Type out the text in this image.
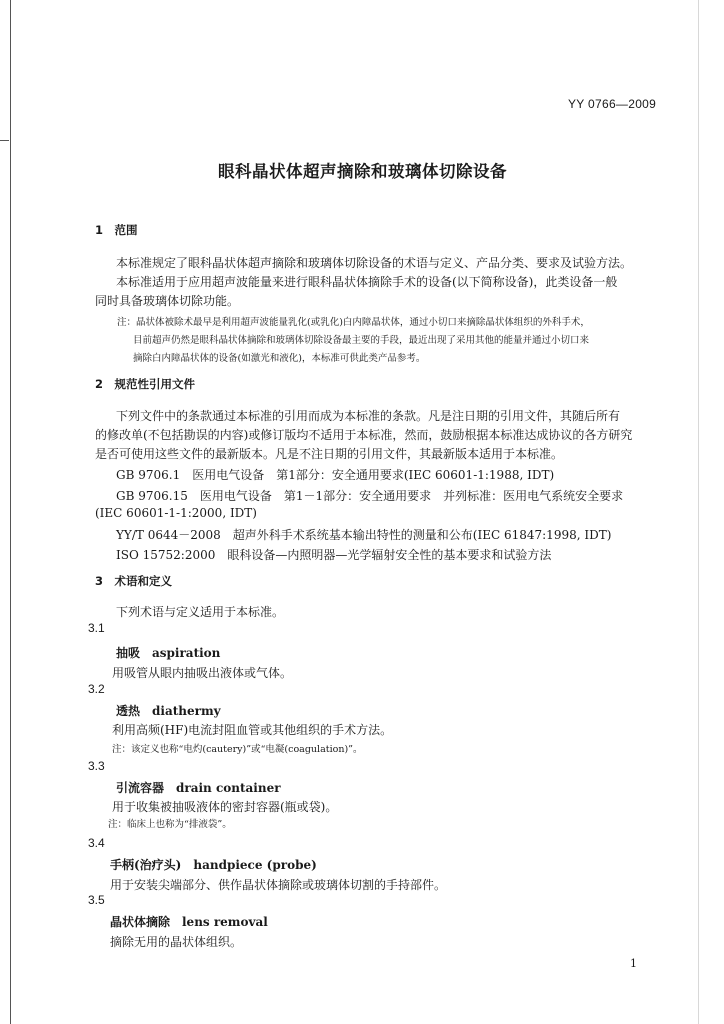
YY 0766—2009
眼科晶状体超声摘除和玻璃体切除设备
1　范围
本标准规定了眼科晶状体超声摘除和玻璃体切除设备的术语与定义、产品分类、要求及试验方法。
本标准适用于应用超声波能量来进行眼科晶状体摘除手术的设备(以下简称设备)，此类设备一般
同时具备玻璃体切除功能。
注：晶状体被除术最早是利用超声波能量乳化(或乳化)白内障晶状体，通过小切口来摘除晶状体组织的外科手术，
目前超声仍然是眼科晶状体摘除和玻璃体切除设备最主要的手段，最近出现了采用其他的能量并通过小切口来
摘除白内障晶状体的设备(如激光和液化)，本标准可供此类产品参考。
2　规范性引用文件
下列文件中的条款通过本标准的引用而成为本标准的条款。凡是注日期的引用文件，其随后所有
的修改单(不包括勘误的内容)或修订版均不适用于本标准，然而，鼓励根据本标准达成协议的各方研究
是否可使用这些文件的最新版本。凡是不注日期的引用文件，其最新版本适用于本标准。
GB 9706.1　医用电气设备　第1部分：安全通用要求(IEC 60601-1:1988, IDT)
GB 9706.15　医用电气设备　第1－1部分：安全通用要求　并列标准：医用电气系统安全要求
(IEC 60601-1-1:2000, IDT)
YY/T 0644－2008　超声外科手术系统基本输出特性的测量和公布(IEC 61847:1998, IDT)
ISO 15752:2000　眼科设备—内照明器—光学辐射安全性的基本要求和试验方法
3　术语和定义
下列术语与定义适用于本标准。
3.1
抽吸　aspiration
用吸管从眼内抽吸出液体或气体。
3.2
透热　diathermy
利用高频(HF)电流封阻血管或其他组织的手术方法。
注：该定义也称“电灼(cautery)”或“电凝(coagulation)”。
3.3
引流容器　drain container
用于收集被抽吸液体的密封容器(瓶或袋)。
注：临床上也称为“排液袋”。
3.4
手柄(治疗头)　handpiece (probe)
用于安装尖端部分、供作晶状体摘除或玻璃体切割的手持部件。
3.5
晶状体摘除　lens removal
摘除无用的晶状体组织。
1
